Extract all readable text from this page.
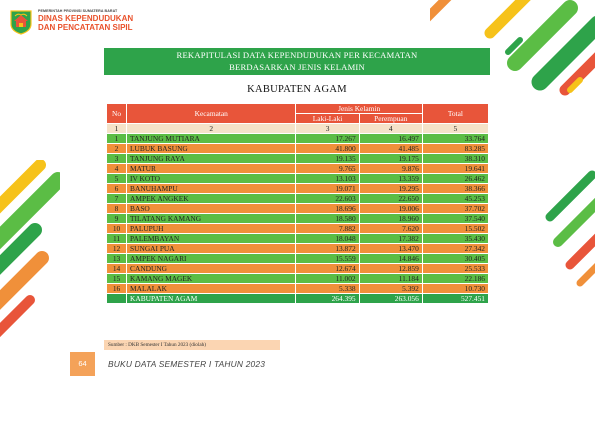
PEMERINTAH PROVINSI SUMATERA BARAT
DINAS KEPENDUDUKAN
DAN PENCATATAN SIPIL
REKAPITULASI DATA KEPENDUDUKAN PER KECAMATAN
BERDASARKAN JENIS KELAMIN
KABUPATEN AGAM
No	Kecamatan	Jenis Kelamin		Total
		Laki-Laki	Perempuan	
1	2	3	4	5
1	TANJUNG MUTIARA	17.267	16.497	33.764
2	LUBUK BASUNG	41.800	41.485	83.285
3	TANJUNG RAYA	19.135	19.175	38.310
4	MATUR	9.765	9.876	19.641
5	IV KOTO	13.103	13.359	26.462
6	BANUHAMPU	19.071	19.295	38.366
7	AMPEK ANGKEK	22.603	22.650	45.253
8	BASO	18.696	19.006	37.702
9	TILATANG KAMANG	18.580	18.960	37.540
10	PALUPUH	7.882	7.620	15.502
11	PALEMBAYAN	18.048	17.382	35.430
12	SUNGAI PUA	13.872	13.470	27.342
13	AMPEK NAGARI	15.559	14.846	30.405
14	CANDUNG	12.674	12.859	25.533
15	KAMANG MAGEK	11.002	11.184	22.186
16	MALALAK	5.338	5.392	10.730
	KABUPATEN AGAM	264.395	263.056	527.451
Sumber : DKB Semester I Tahun 2023 (diolah)
64	BUKU DATA SEMESTER I TAHUN 2023
